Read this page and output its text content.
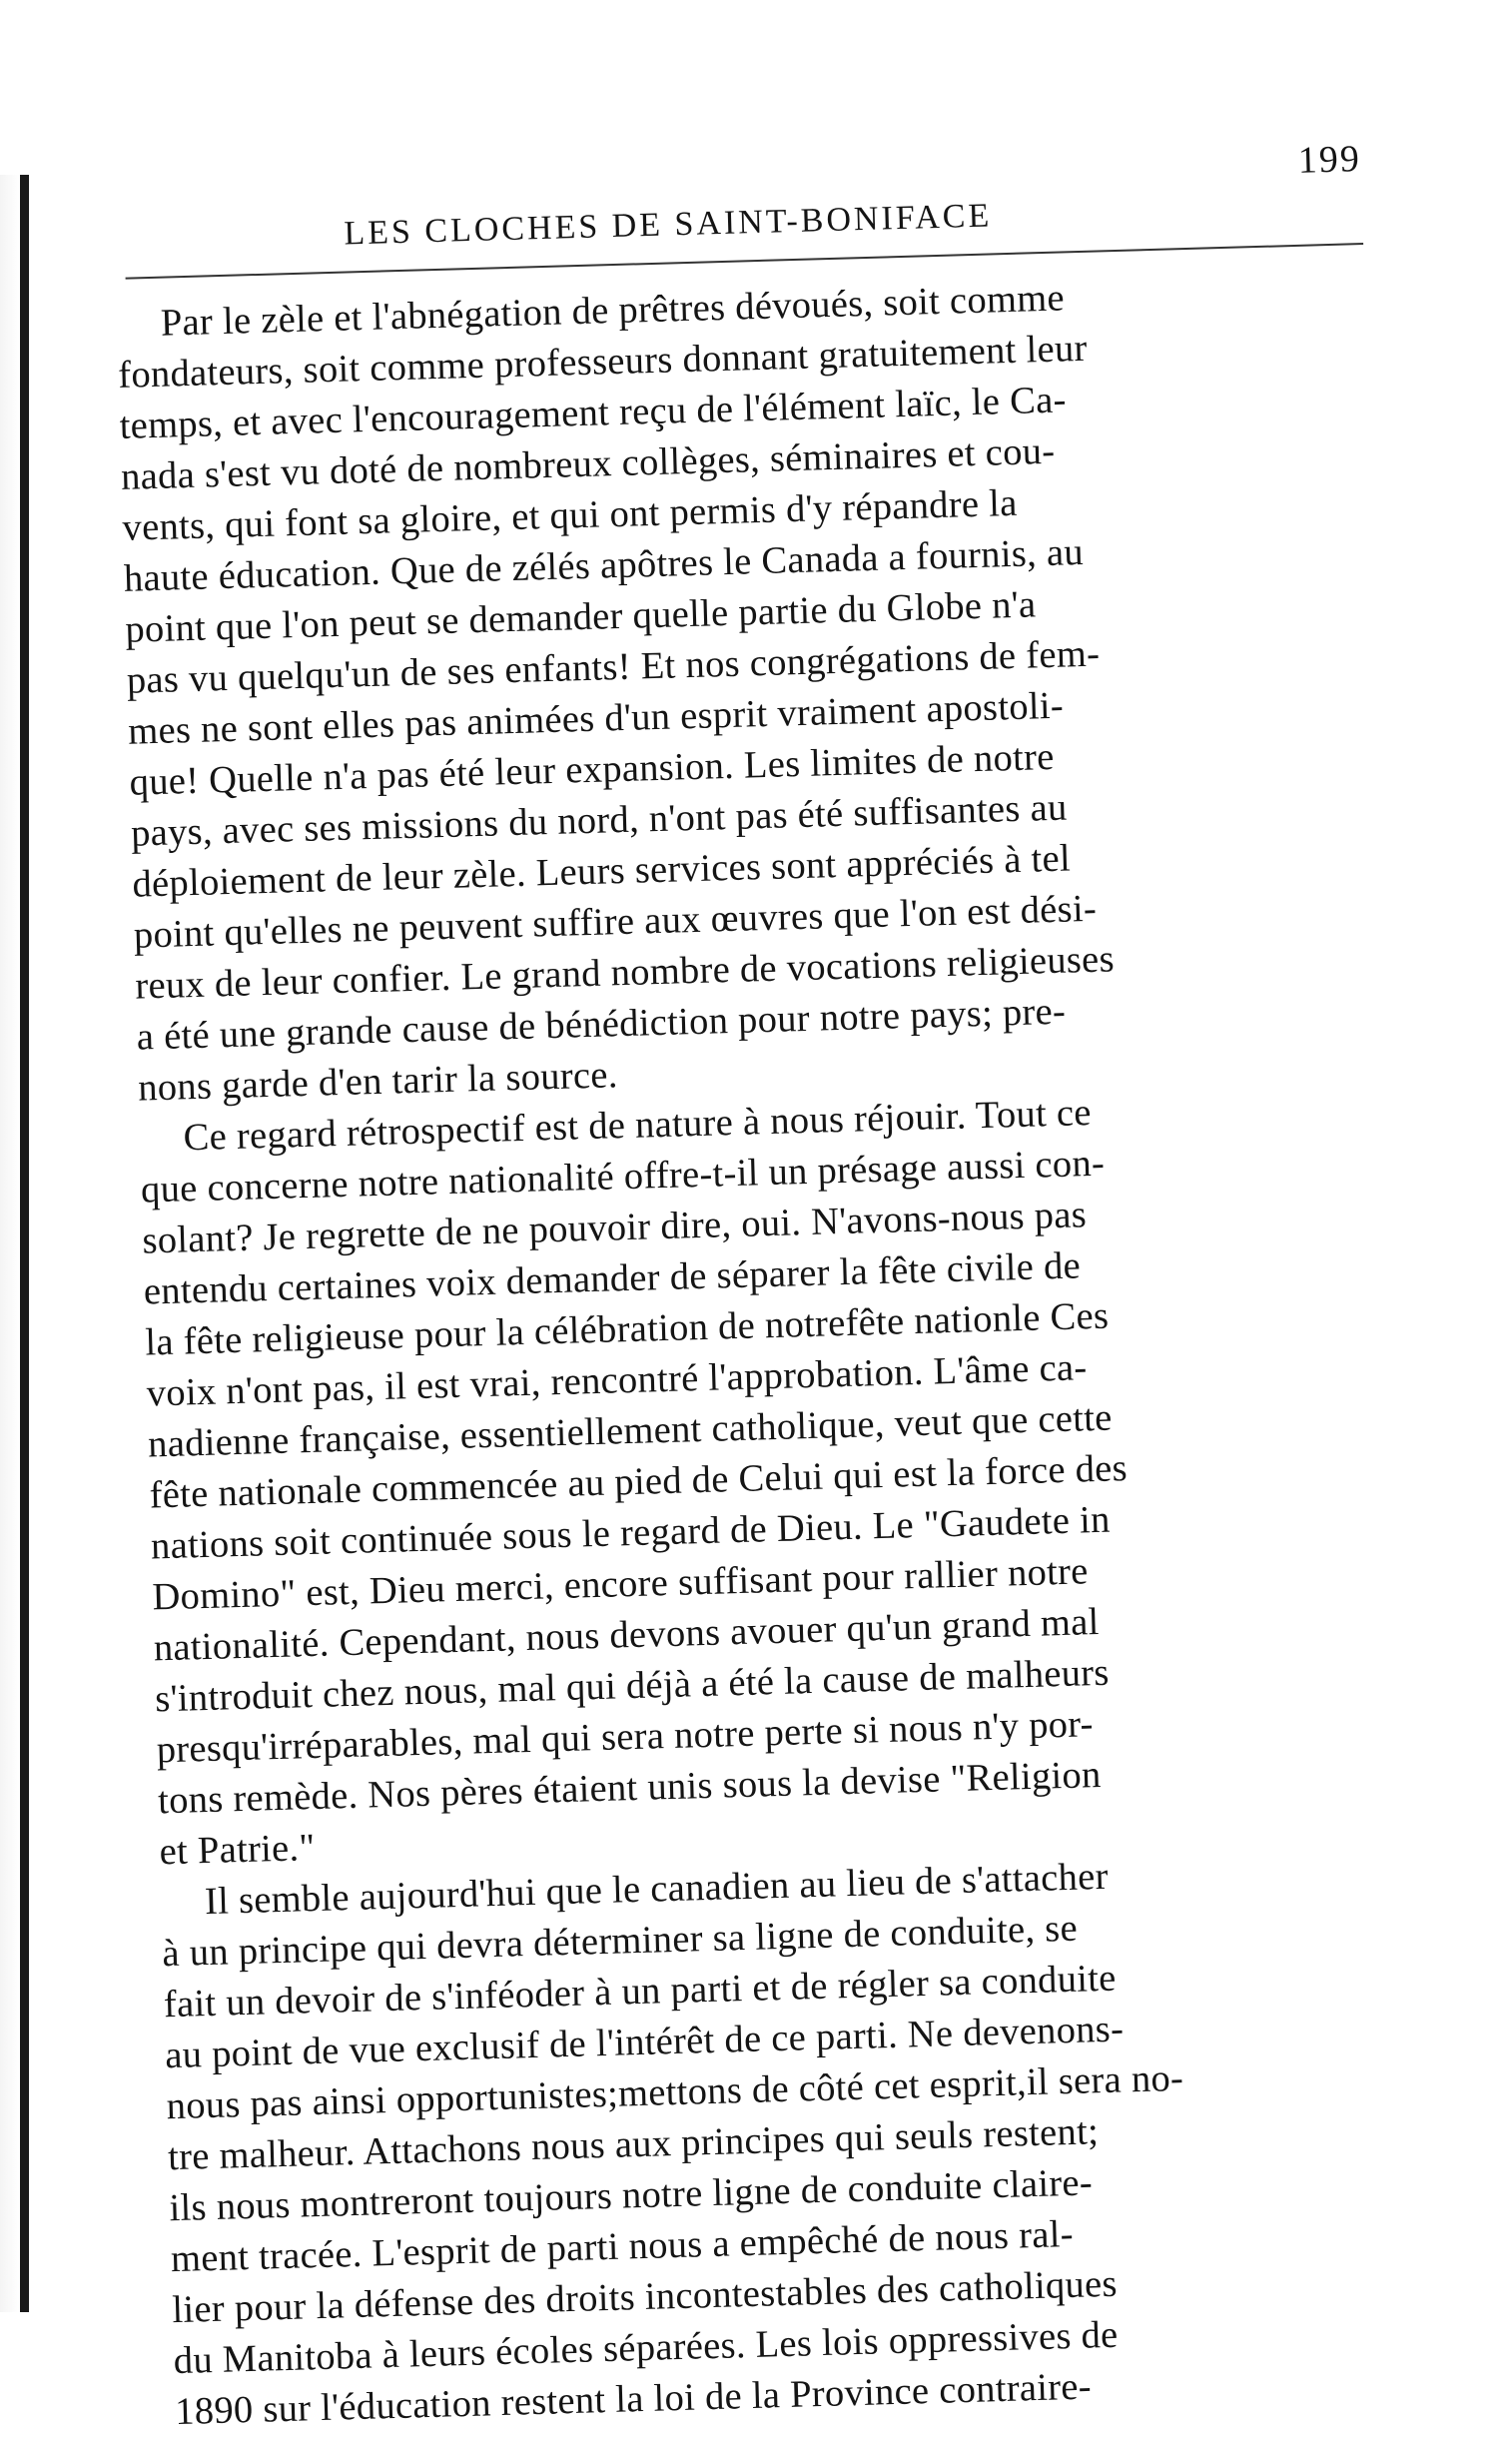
LES CLOCHES DE SAINT-BONIFACE
199
Par le zèle et l'abnégation de prêtres dévoués, soit comme
fondateurs, soit comme professeurs donnant gratuitement leur
temps, et avec l'encouragement reçu de l'élément laïc, le Ca-
nada s'est vu doté de nombreux collèges, séminaires et cou-
vents, qui font sa gloire, et qui ont permis d'y répandre la
haute éducation. Que de zélés apôtres le Canada a fournis, au
point que l'on peut se demander quelle partie du Globe n'a
pas vu quelqu'un de ses enfants! Et nos congrégations de fem-
mes ne sont elles pas animées d'un esprit vraiment apostoli-
que! Quelle n'a pas été leur expansion. Les limites de notre
pays, avec ses missions du nord, n'ont pas été suffisantes au
déploiement de leur zèle. Leurs services sont appréciés à tel
point qu'elles ne peuvent suffire aux œuvres que l'on est dési-
reux de leur confier. Le grand nombre de vocations religieuses
a été une grande cause de bénédiction pour notre pays; pre-
nons garde d'en tarir la source.
Ce regard rétrospectif est de nature à nous réjouir. Tout ce
que concerne notre nationalité offre-t-il un présage aussi con-
solant? Je regrette de ne pouvoir dire, oui. N'avons-nous pas
entendu certaines voix demander de séparer la fête civile de
la fête religieuse pour la célébration de notrefête nationle Ces
voix n'ont pas, il est vrai, rencontré l'approbation. L'âme ca-
nadienne française, essentiellement catholique, veut que cette
fête nationale commencée au pied de Celui qui est la force des
nations soit continuée sous le regard de Dieu. Le "Gaudete in
Domino" est, Dieu merci, encore suffisant pour rallier notre
nationalité. Cependant, nous devons avouer qu'un grand mal
s'introduit chez nous, mal qui déjà a été la cause de malheurs
presqu'irréparables, mal qui sera notre perte si nous n'y por-
tons remède. Nos pères étaient unis sous la devise "Religion
et Patrie."
Il semble aujourd'hui que le canadien au lieu de s'attacher
à un principe qui devra déterminer sa ligne de conduite, se
fait un devoir de s'inféoder à un parti et de régler sa conduite
au point de vue exclusif de l'intérêt de ce parti. Ne devenons-
nous pas ainsi opportunistes;mettons de côté cet esprit,il sera no-
tre malheur. Attachons nous aux principes qui seuls restent;
ils nous montreront toujours notre ligne de conduite claire-
ment tracée. L'esprit de parti nous a empêché de nous ral-
lier pour la défense des droits incontestables des catholiques
du Manitoba à leurs écoles séparées. Les lois oppressives de
1890 sur l'éducation restent la loi de la Province contraire-
